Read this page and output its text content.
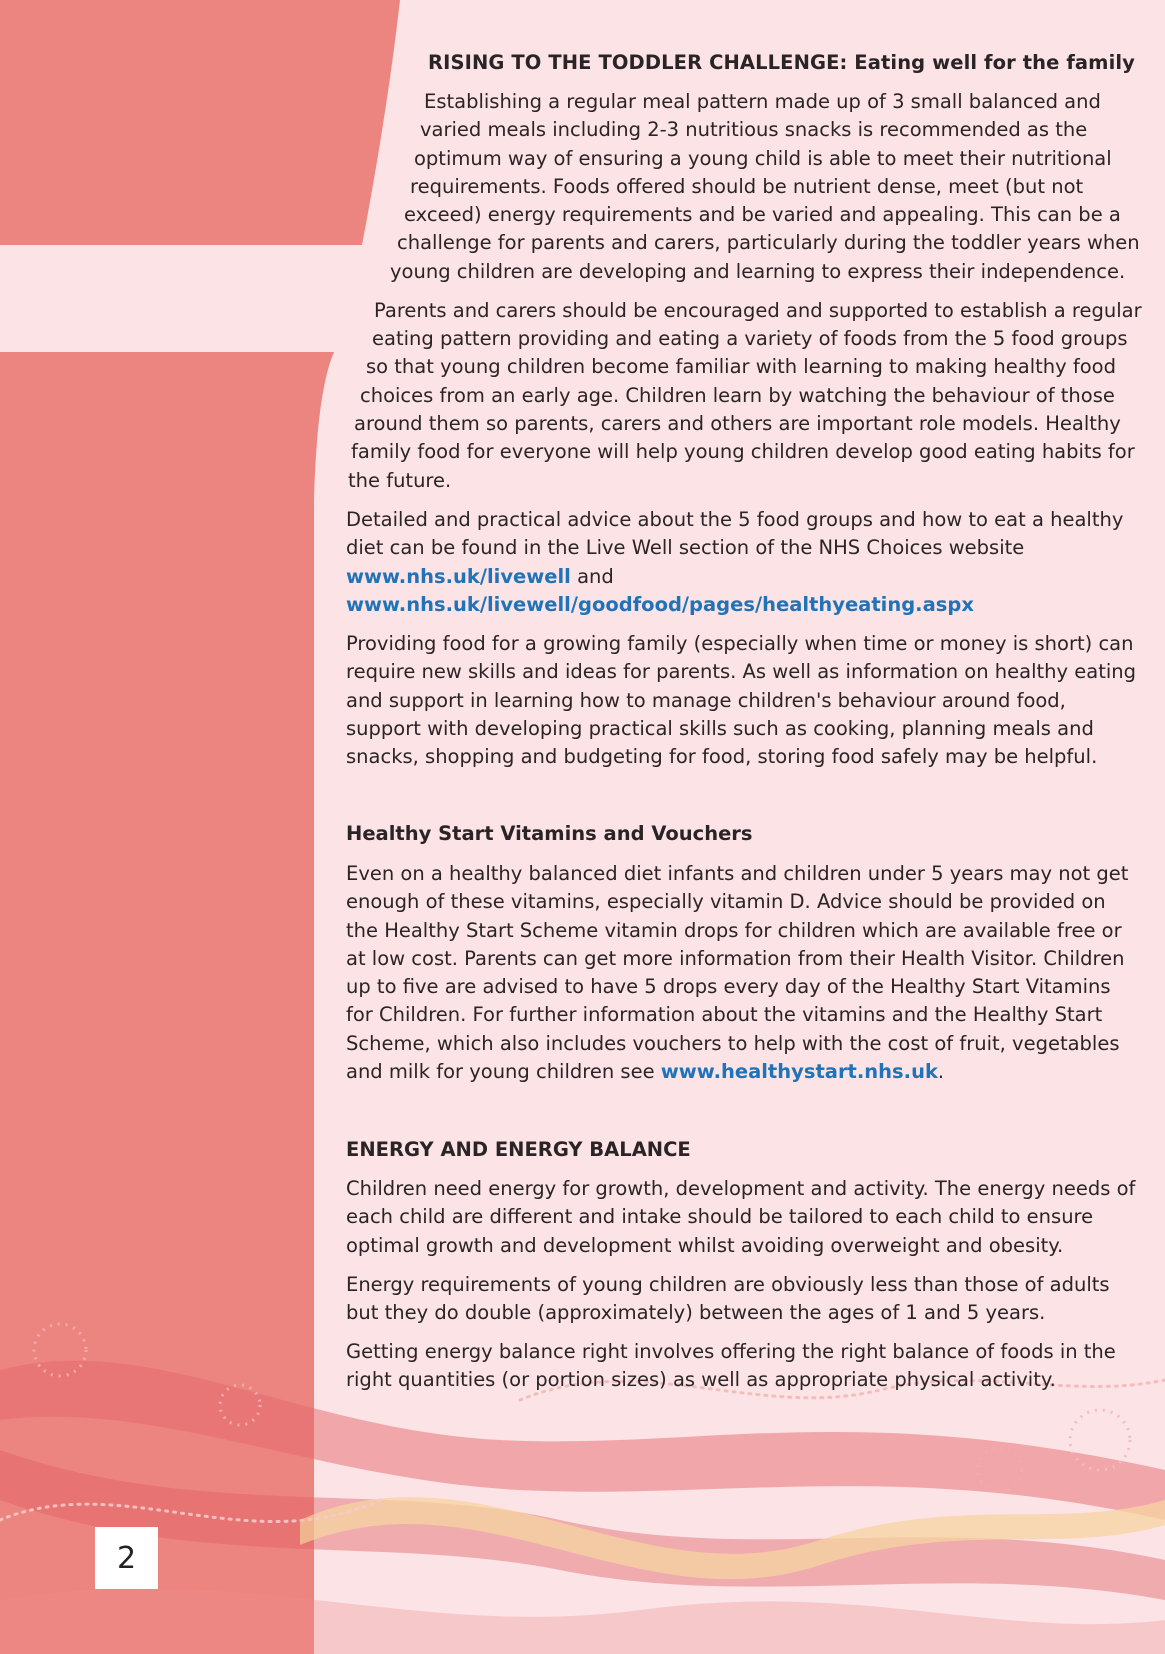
RISING TO THE TODDLER CHALLENGE: Eating well for the family
Establishing a regular meal pattern made up of 3 small balanced and
varied meals including 2-3 nutritious snacks is recommended as the
optimum way of ensuring a young child is able to meet their nutritional
requirements. Foods offered should be nutrient dense, meet (but not
exceed) energy requirements and be varied and appealing. This can be a
challenge for parents and carers, particularly during the toddler years when
young children are developing and learning to express their independence.
Parents and carers should be encouraged and supported to establish a regular
eating pattern providing and eating a variety of foods from the 5 food groups
so that young children become familiar with learning to making healthy food
choices from an early age. Children learn by watching the behaviour of those
around them so parents, carers and others are important role models. Healthy
family food for everyone will help young children develop good eating habits for
the future.

Detailed and practical advice about the 5 food groups and how to eat a healthy diet can be found in the Live Well section of the NHS Choices website www.nhs.uk/livewell and
www.nhs.uk/livewell/goodfood/pages/healthyeating.aspx

Providing food for a growing family (especially when time or money is short) can require new skills and ideas for parents. As well as information on healthy eating and support in learning how to manage children's behaviour around food, support with developing practical skills such as cooking, planning meals and snacks, shopping and budgeting for food, storing food safely may be helpful.

Healthy Start Vitamins and Vouchers

Even on a healthy balanced diet infants and children under 5 years may not get enough of these vitamins, especially vitamin D. Advice should be provided on the Healthy Start Scheme vitamin drops for children which are available free or at low cost. Parents can get more information from their Health Visitor. Children up to five are advised to have 5 drops every day of the Healthy Start Vitamins for Children. For further information about the vitamins and the Healthy Start Scheme, which also includes vouchers to help with the cost of fruit, vegetables and milk for young children see www.healthystart.nhs.uk.

ENERGY AND ENERGY BALANCE

Children need energy for growth, development and activity. The energy needs of each child are different and intake should be tailored to each child to ensure optimal growth and development whilst avoiding overweight and obesity.

Energy requirements of young children are obviously less than those of adults but they do double (approximately) between the ages of 1 and 5 years.

Getting energy balance right involves offering the right balance of foods in the right quantities (or portion sizes) as well as appropriate physical activity.

2
